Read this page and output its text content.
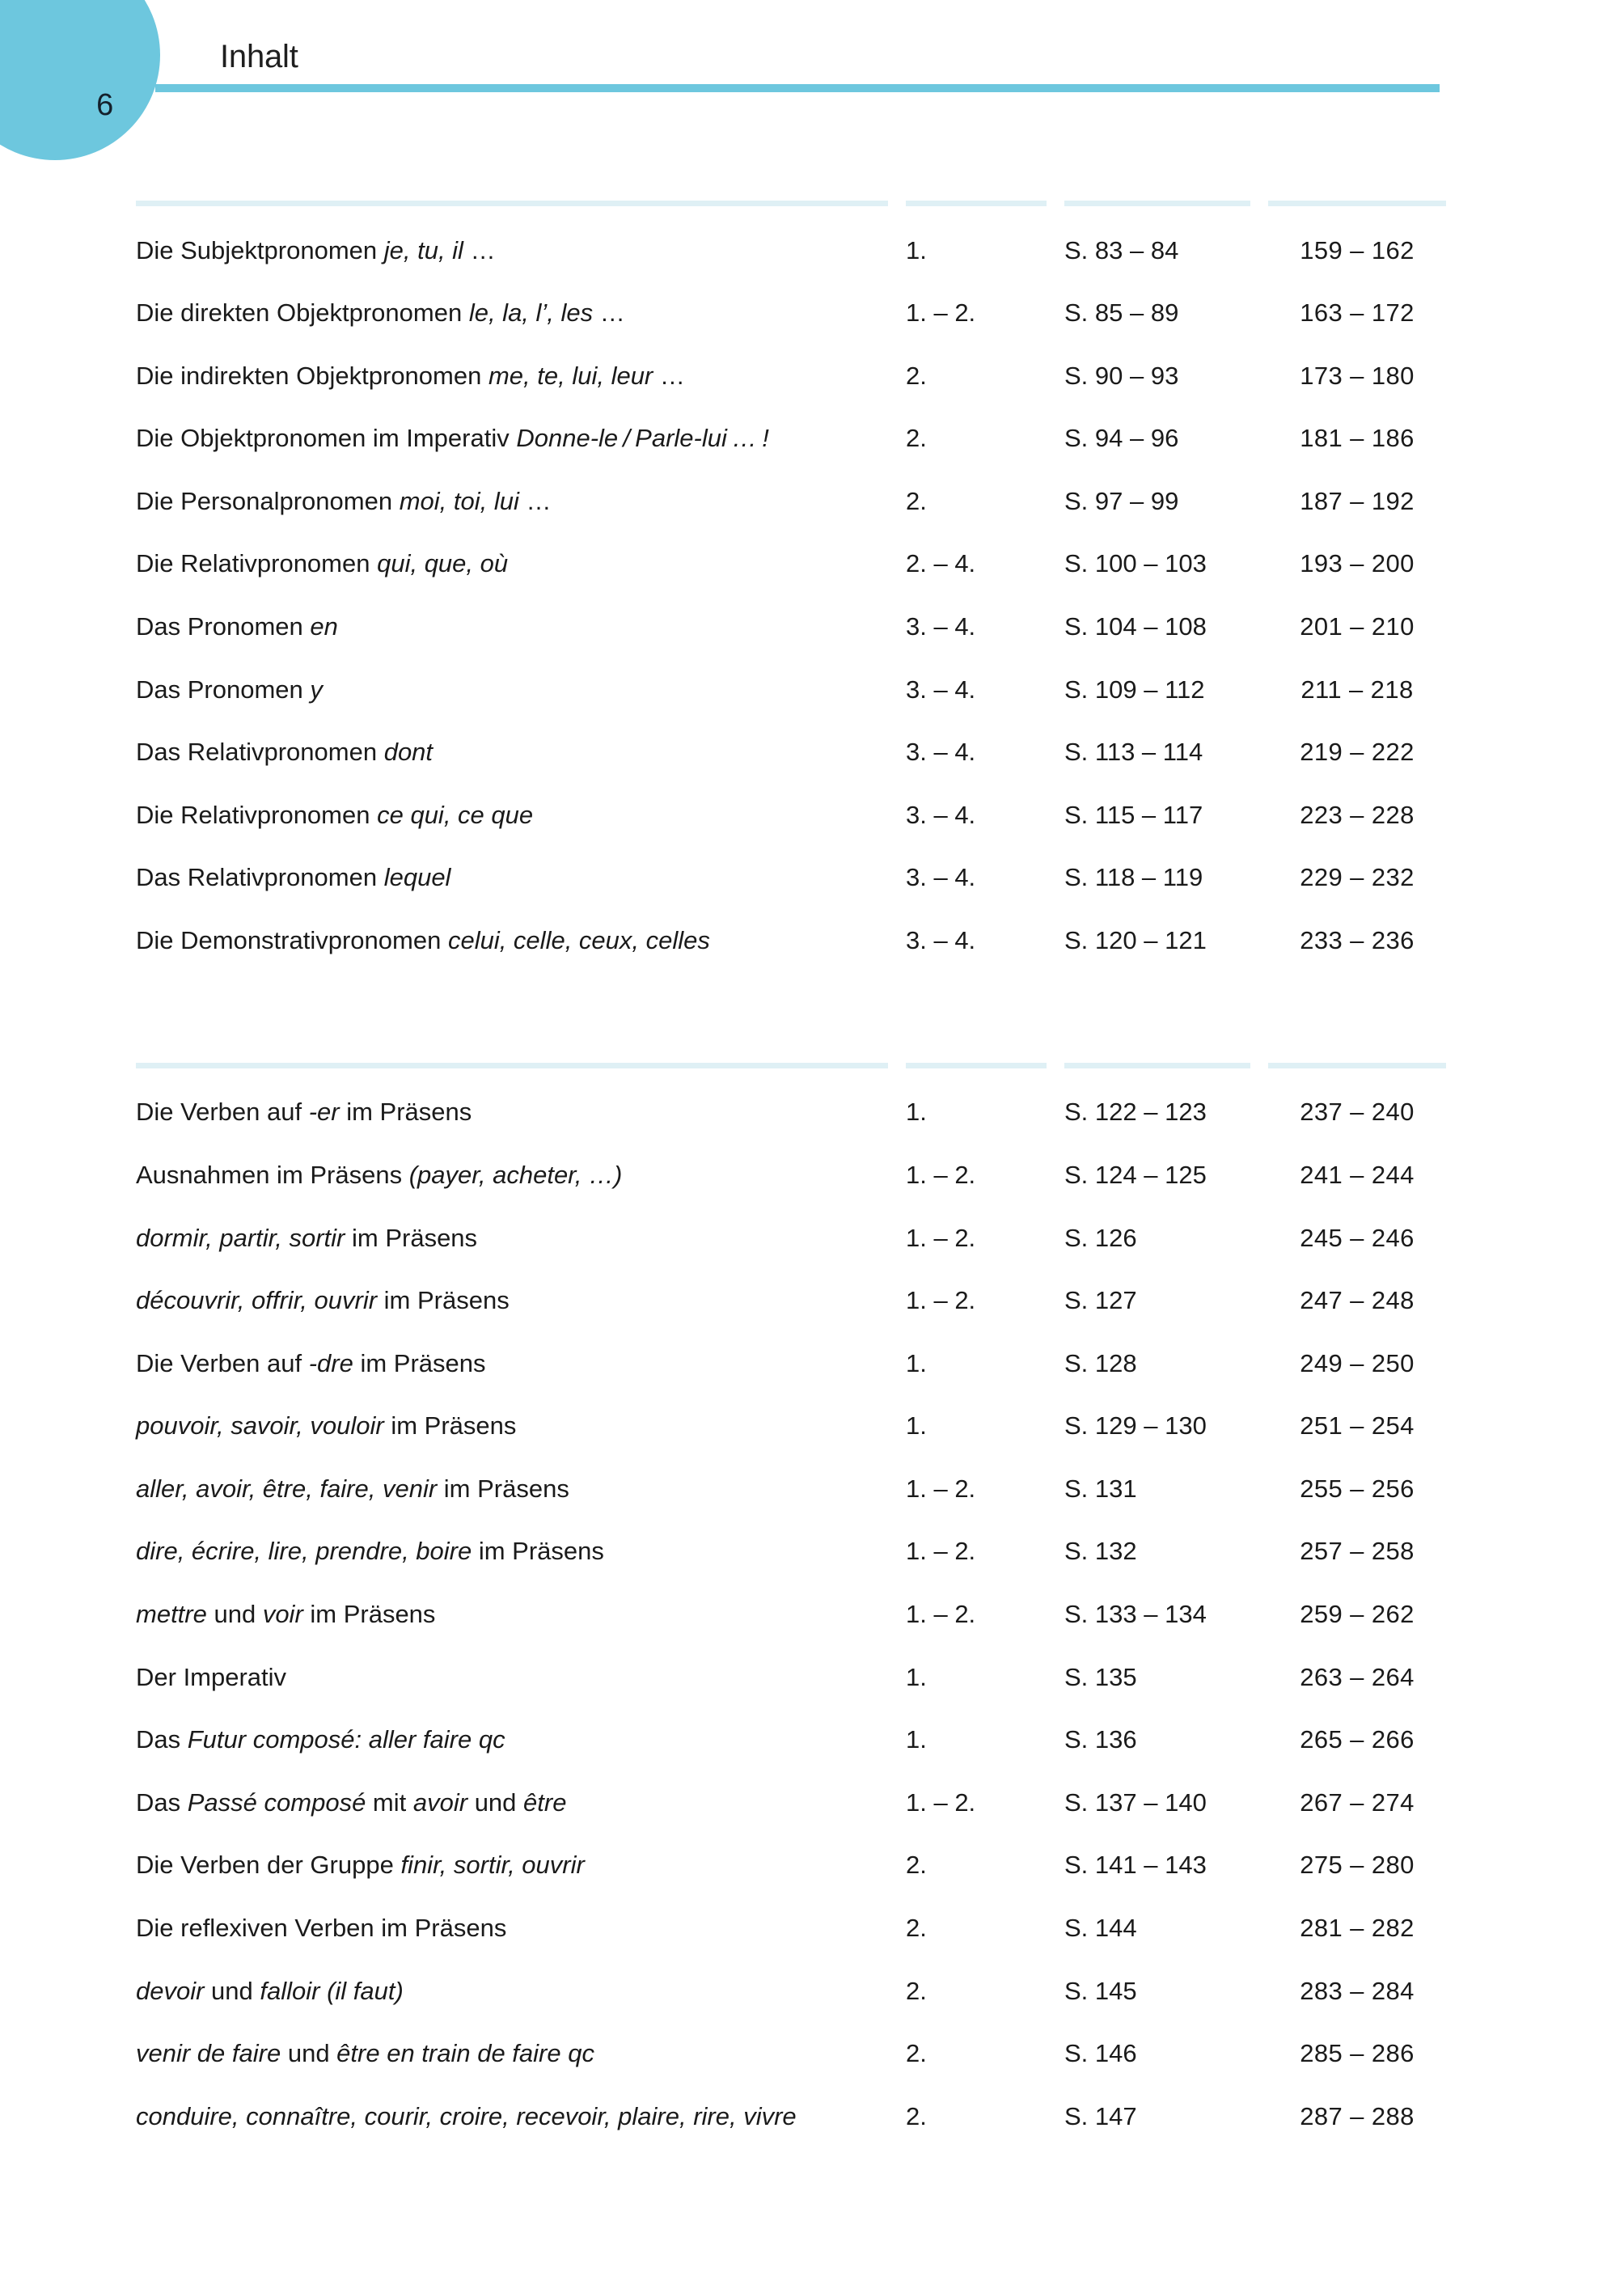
6
Inhalt

Die Subjektpronomen je, tu, il …	1.	S. 83 – 84	159 – 162
Die direkten Objektpronomen le, la, l’, les …	1. – 2.	S. 85 – 89	163 – 172
Die indirekten Objektpronomen me, te, lui, leur …	2.	S. 90 – 93	173 – 180
Die Objektpronomen im Imperativ Donne-le / Parle-lui … !	2.	S. 94 – 96	181 – 186
Die Personalpronomen moi, toi, lui …	2.	S. 97 – 99	187 – 192
Die Relativpronomen qui, que, où	2. – 4.	S. 100 – 103	193 – 200
Das Pronomen en	3. – 4.	S. 104 – 108	201 – 210
Das Pronomen y	3. – 4.	S. 109 – 112	211 – 218
Das Relativpronomen dont	3. – 4.	S. 113 – 114	219 – 222
Die Relativpronomen ce qui, ce que	3. – 4.	S. 115 – 117	223 – 228
Das Relativpronomen lequel	3. – 4.	S. 118 – 119	229 – 232
Die Demonstrativpronomen celui, celle, ceux, celles	3. – 4.	S. 120 – 121	233 – 236

Die Verben auf -er im Präsens	1.	S. 122 – 123	237 – 240
Ausnahmen im Präsens (payer, acheter, …)	1. – 2.	S. 124 – 125	241 – 244
dormir, partir, sortir im Präsens	1. – 2.	S. 126	245 – 246
découvrir, offrir, ouvrir im Präsens	1. – 2.	S. 127	247 – 248
Die Verben auf -dre im Präsens	1.	S. 128	249 – 250
pouvoir, savoir, vouloir im Präsens	1.	S. 129 – 130	251 – 254
aller, avoir, être, faire, venir im Präsens	1. – 2.	S. 131	255 – 256
dire, écrire, lire, prendre, boire im Präsens	1. – 2.	S. 132	257 – 258
mettre und voir im Präsens	1. – 2.	S. 133 – 134	259 – 262
Der Imperativ	1.	S. 135	263 – 264
Das Futur composé: aller faire qc	1.	S. 136	265 – 266
Das Passé composé mit avoir und être	1. – 2.	S. 137 – 140	267 – 274
Die Verben der Gruppe finir, sortir, ouvrir	2.	S. 141 – 143	275 – 280
Die reflexiven Verben im Präsens	2.	S. 144	281 – 282
devoir und falloir (il faut)	2.	S. 145	283 – 284
venir de faire und être en train de faire qc	2.	S. 146	285 – 286
conduire, connaître, courir, croire, recevoir, plaire, rire, vivre	2.	S. 147	287 – 288
